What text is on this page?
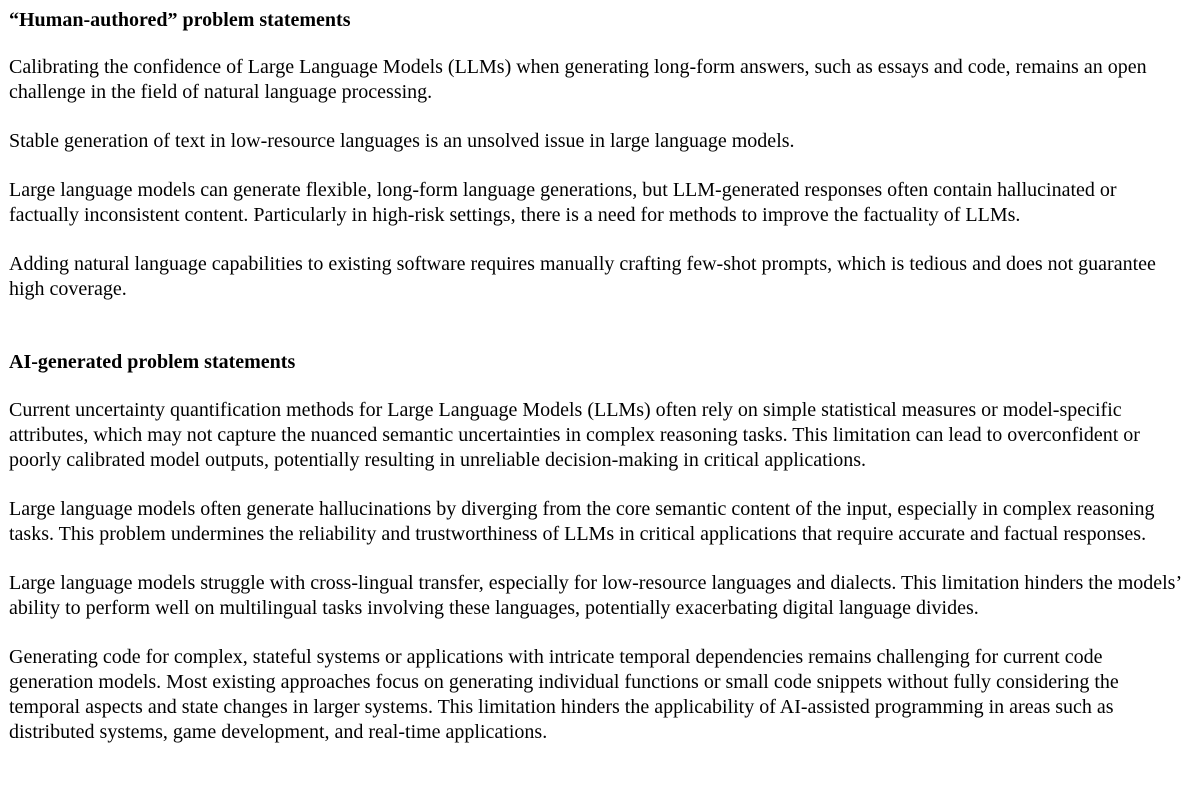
“Human-authored” problem statements

Calibrating the confidence of Large Language Models (LLMs) when generating long-form answers, such as essays and code, remains an open challenge in the field of natural language processing.

Stable generation of text in low-resource languages is an unsolved issue in large language models.

Large language models can generate flexible, long-form language generations, but LLM-generated responses often contain hallucinated or factually inconsistent content. Particularly in high-risk settings, there is a need for methods to improve the factuality of LLMs.

Adding natural language capabilities to existing software requires manually crafting few-shot prompts, which is tedious and does not guarantee high coverage.

AI-generated problem statements

Current uncertainty quantification methods for Large Language Models (LLMs) often rely on simple statistical measures or model-specific attributes, which may not capture the nuanced semantic uncertainties in complex reasoning tasks. This limitation can lead to overconfident or poorly calibrated model outputs, potentially resulting in unreliable decision-making in critical applications.

Large language models often generate hallucinations by diverging from the core semantic content of the input, especially in complex reasoning tasks. This problem undermines the reliability and trustworthiness of LLMs in critical applications that require accurate and factual responses.

Large language models struggle with cross-lingual transfer, especially for low-resource languages and dialects. This limitation hinders the models’ ability to perform well on multilingual tasks involving these languages, potentially exacerbating digital language divides.

Generating code for complex, stateful systems or applications with intricate temporal dependencies remains challenging for current code generation models. Most existing approaches focus on generating individual functions or small code snippets without fully considering the temporal aspects and state changes in larger systems. This limitation hinders the applicability of AI-assisted programming in areas such as distributed systems, game development, and real-time applications.
